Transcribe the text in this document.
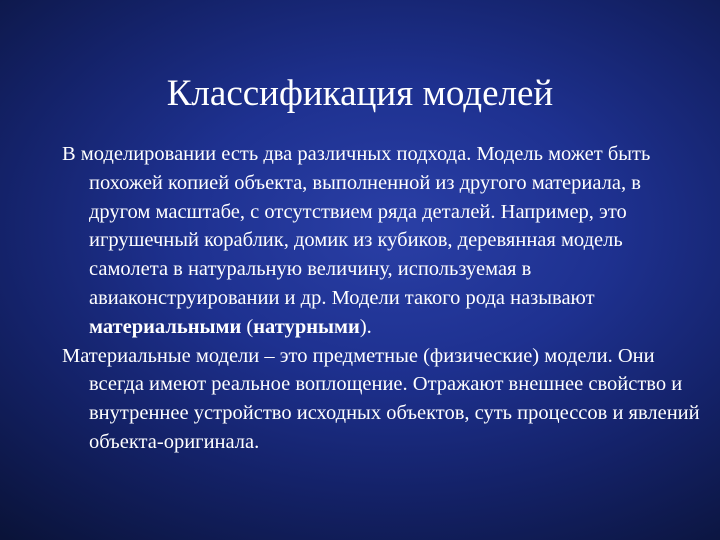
Классификация моделей

В моделировании есть два различных подхода. Модель может быть похожей копией объекта, выполненной из другого материала, в другом масштабе, с отсутствием ряда деталей. Например, это игрушечный кораблик, домик из кубиков, деревянная модель самолета в натуральную величину, используемая в авиаконструировании и др. Модели такого рода называют материальными (натурными).

Материальные модели – это предметные (физические) модели. Они всегда имеют реальное воплощение. Отражают внешнее свойство и внутреннее устройство исходных объектов, суть процессов и явлений объекта-оригинала.
